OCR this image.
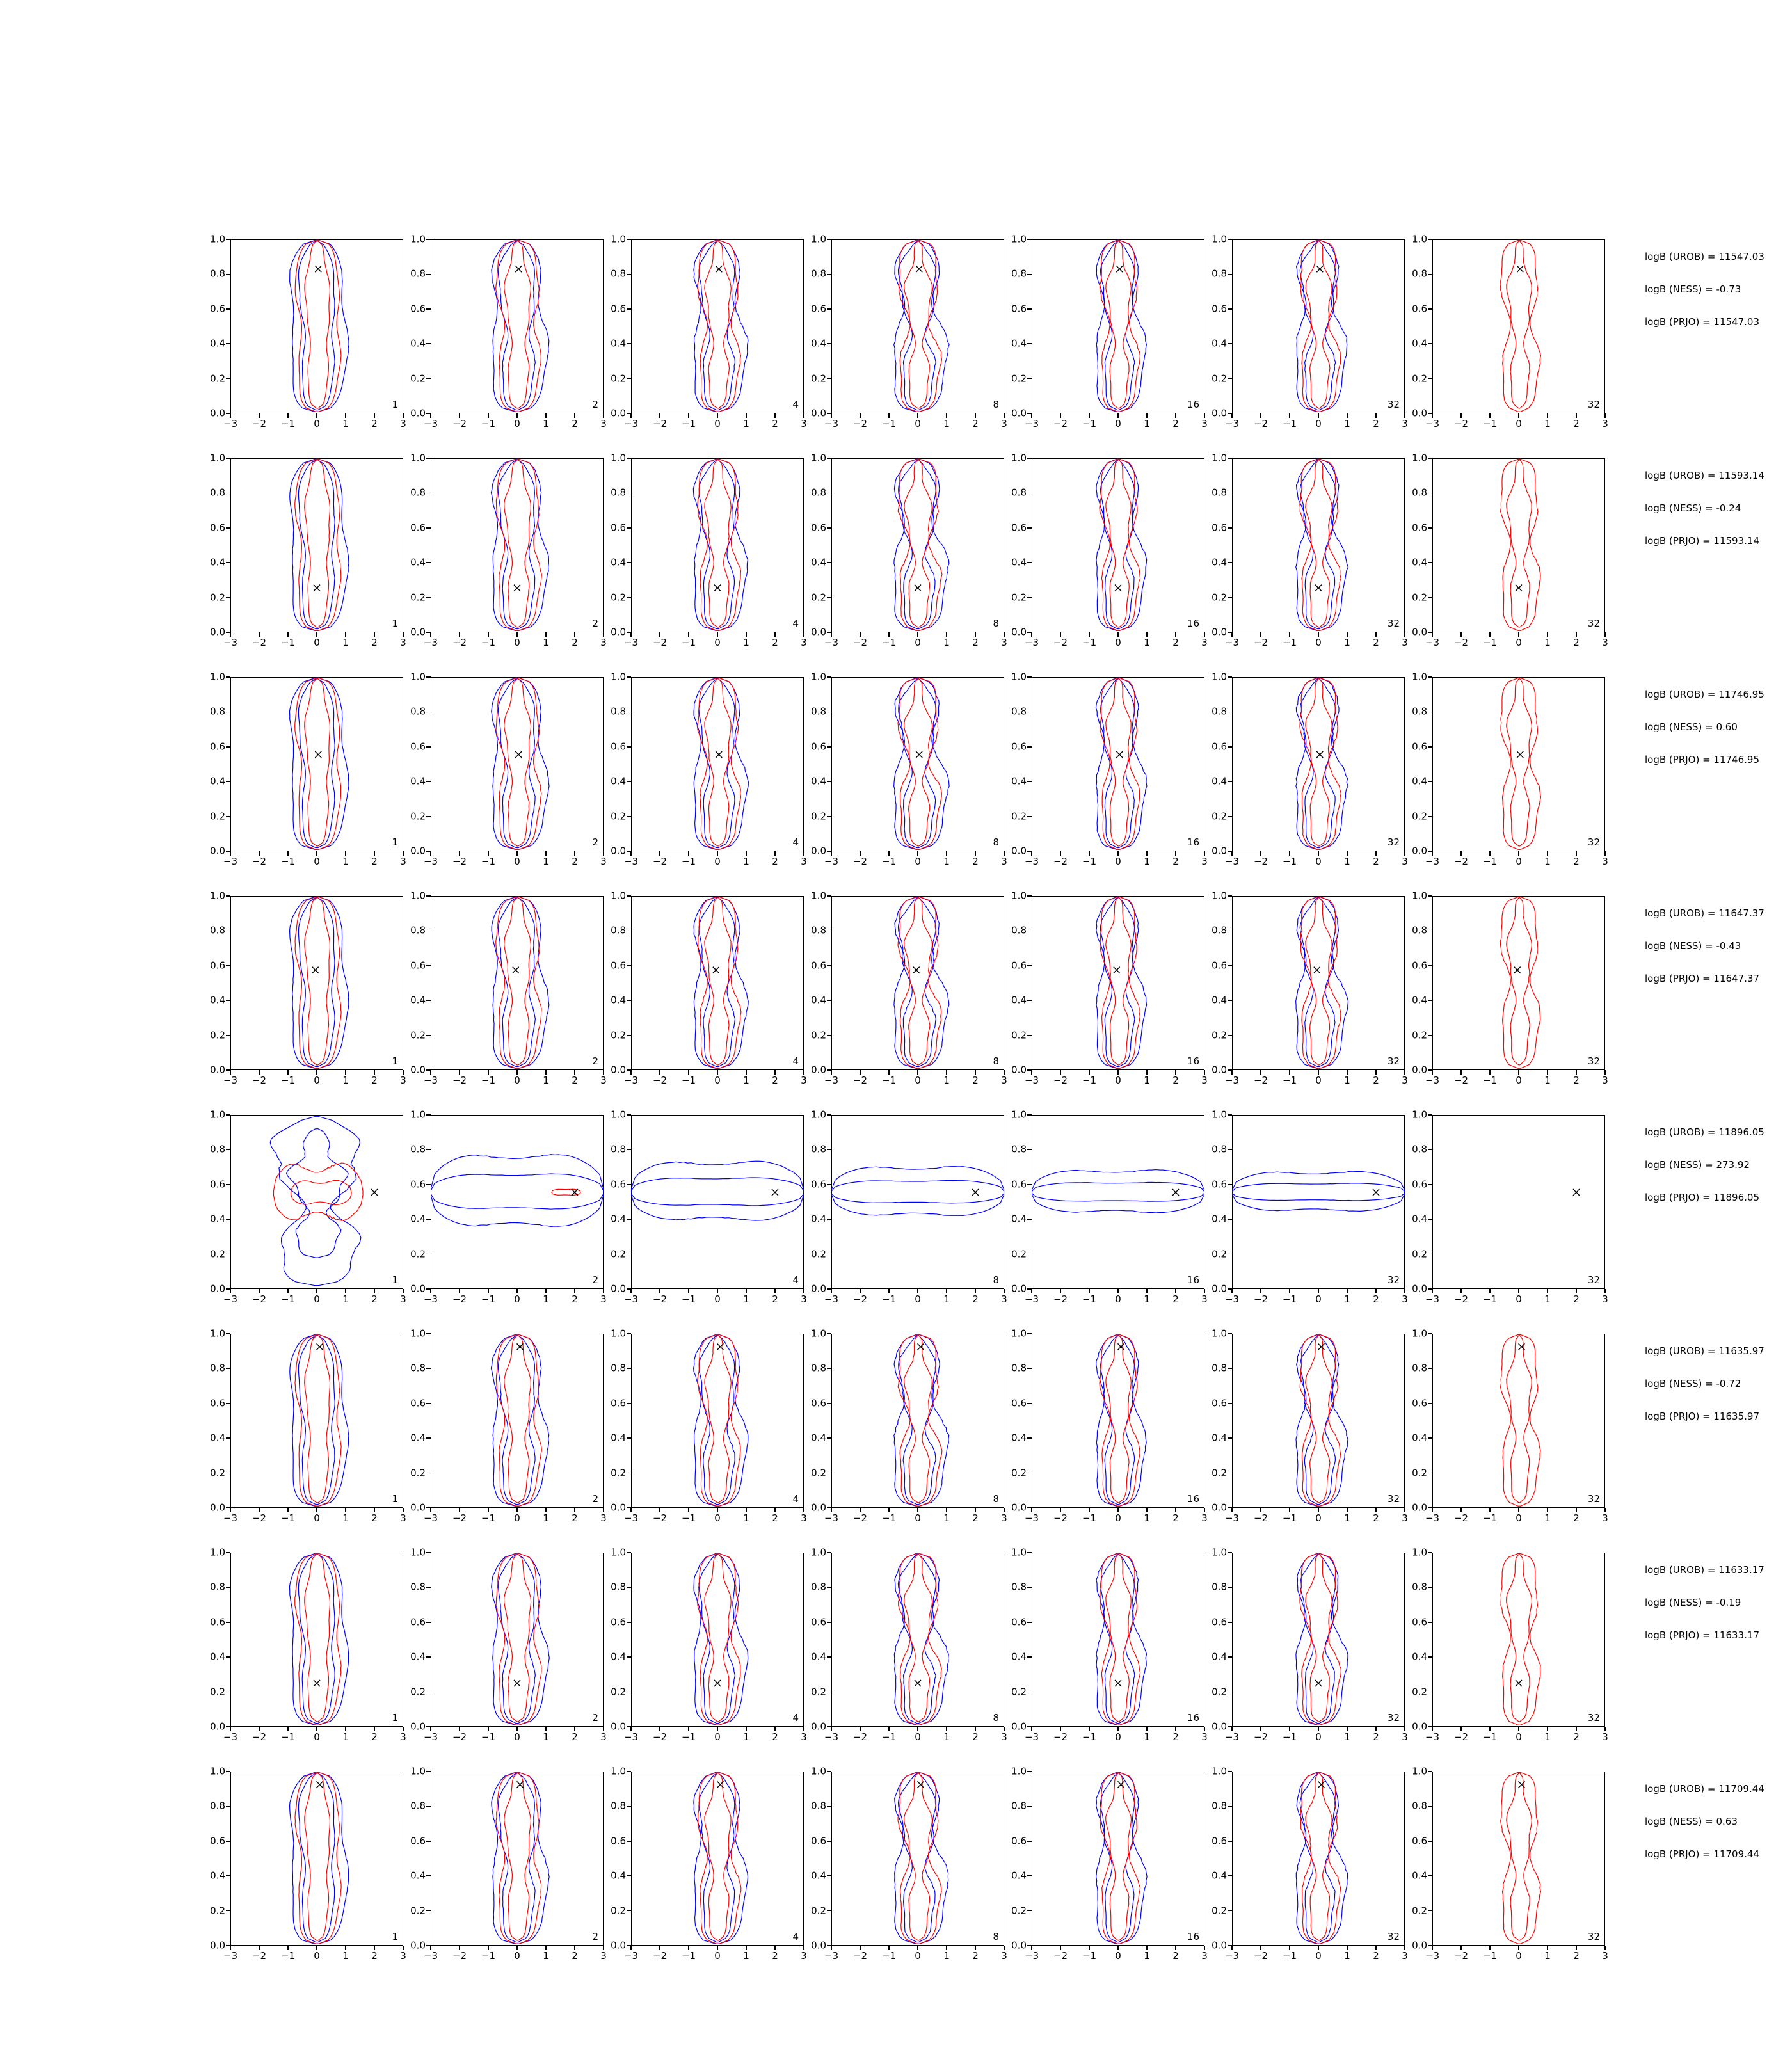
0.0
0.2
0.4
0.6
0.8
1.0
−3 −2 −1 0 1 2 3
1
0.0
0.2
0.4
0.6
0.8
1.0
−3 −2 −1 0 1 2 3
2
0.0
0.2
0.4
0.6
0.8
1.0
−3 −2 −1 0 1 2 3
4
0.0
0.2
0.4
0.6
0.8
1.0
−3 −2 −1 0 1 2 3
8
0.0
0.2
0.4
0.6
0.8
1.0
−3 −2 −1 0 1 2 3
16
0.0
0.2
0.4
0.6
0.8
1.0
−3 −2 −1 0 1 2 3
32
0.0
0.2
0.4
0.6
0.8
1.0
−3 −2 −1 0 1 2 3
32
logB (UROB) = 11547.03
logB (NESS) = -0.73
logB (PRJO) = 11547.03
0.0
0.2
0.4
0.6
0.8
1.0
−3 −2 −1 0 1 2 3
1
0.0
0.2
0.4
0.6
0.8
1.0
−3 −2 −1 0 1 2 3
2
0.0
0.2
0.4
0.6
0.8
1.0
−3 −2 −1 0 1 2 3
4
0.0
0.2
0.4
0.6
0.8
1.0
−3 −2 −1 0 1 2 3
8
0.0
0.2
0.4
0.6
0.8
1.0
−3 −2 −1 0 1 2 3
16
0.0
0.2
0.4
0.6
0.8
1.0
−3 −2 −1 0 1 2 3
32
0.0
0.2
0.4
0.6
0.8
1.0
−3 −2 −1 0 1 2 3
32
logB (UROB) = 11593.14
logB (NESS) = -0.24
logB (PRJO) = 11593.14
0.0
0.2
0.4
0.6
0.8
1.0
−3 −2 −1 0 1 2 3
1
0.0
0.2
0.4
0.6
0.8
1.0
−3 −2 −1 0 1 2 3
2
0.0
0.2
0.4
0.6
0.8
1.0
−3 −2 −1 0 1 2 3
4
0.0
0.2
0.4
0.6
0.8
1.0
−3 −2 −1 0 1 2 3
8
0.0
0.2
0.4
0.6
0.8
1.0
−3 −2 −1 0 1 2 3
16
0.0
0.2
0.4
0.6
0.8
1.0
−3 −2 −1 0 1 2 3
32
0.0
0.2
0.4
0.6
0.8
1.0
−3 −2 −1 0 1 2 3
32
logB (UROB) = 11746.95
logB (NESS) = 0.60
logB (PRJO) = 11746.95
0.0
0.2
0.4
0.6
0.8
1.0
−3 −2 −1 0 1 2 3
1
0.0
0.2
0.4
0.6
0.8
1.0
−3 −2 −1 0 1 2 3
2
0.0
0.2
0.4
0.6
0.8
1.0
−3 −2 −1 0 1 2 3
4
0.0
0.2
0.4
0.6
0.8
1.0
−3 −2 −1 0 1 2 3
8
0.0
0.2
0.4
0.6
0.8
1.0
−3 −2 −1 0 1 2 3
16
0.0
0.2
0.4
0.6
0.8
1.0
−3 −2 −1 0 1 2 3
32
0.0
0.2
0.4
0.6
0.8
1.0
−3 −2 −1 0 1 2 3
32
logB (UROB) = 11647.37
logB (NESS) = -0.43
logB (PRJO) = 11647.37
0.0
0.2
0.4
0.6
0.8
1.0
−3 −2 −1 0 1 2 3
1
0.0
0.2
0.4
0.6
0.8
1.0
−3 −2 −1 0 1 2 3
2
0.0
0.2
0.4
0.6
0.8
1.0
−3 −2 −1 0 1 2 3
4
0.0
0.2
0.4
0.6
0.8
1.0
−3 −2 −1 0 1 2 3
8
0.0
0.2
0.4
0.6
0.8
1.0
−3 −2 −1 0 1 2 3
16
0.0
0.2
0.4
0.6
0.8
1.0
−3 −2 −1 0 1 2 3
32
0.0
0.2
0.4
0.6
0.8
1.0
−3 −2 −1 0 1 2 3
32
logB (UROB) = 11896.05
logB (NESS) = 273.92
logB (PRJO) = 11896.05
0.0
0.2
0.4
0.6
0.8
1.0
−3 −2 −1 0 1 2 3
1
0.0
0.2
0.4
0.6
0.8
1.0
−3 −2 −1 0 1 2 3
2
0.0
0.2
0.4
0.6
0.8
1.0
−3 −2 −1 0 1 2 3
4
0.0
0.2
0.4
0.6
0.8
1.0
−3 −2 −1 0 1 2 3
8
0.0
0.2
0.4
0.6
0.8
1.0
−3 −2 −1 0 1 2 3
16
0.0
0.2
0.4
0.6
0.8
1.0
−3 −2 −1 0 1 2 3
32
0.0
0.2
0.4
0.6
0.8
1.0
−3 −2 −1 0 1 2 3
32
logB (UROB) = 11635.97
logB (NESS) = -0.72
logB (PRJO) = 11635.97
0.0
0.2
0.4
0.6
0.8
1.0
−3 −2 −1 0 1 2 3
1
0.0
0.2
0.4
0.6
0.8
1.0
−3 −2 −1 0 1 2 3
2
0.0
0.2
0.4
0.6
0.8
1.0
−3 −2 −1 0 1 2 3
4
0.0
0.2
0.4
0.6
0.8
1.0
−3 −2 −1 0 1 2 3
8
0.0
0.2
0.4
0.6
0.8
1.0
−3 −2 −1 0 1 2 3
16
0.0
0.2
0.4
0.6
0.8
1.0
−3 −2 −1 0 1 2 3
32
0.0
0.2
0.4
0.6
0.8
1.0
−3 −2 −1 0 1 2 3
32
logB (UROB) = 11633.17
logB (NESS) = -0.19
logB (PRJO) = 11633.17
0.0
0.2
0.4
0.6
0.8
1.0
−3 −2 −1 0 1 2 3
1
0.0
0.2
0.4
0.6
0.8
1.0
−3 −2 −1 0 1 2 3
2
0.0
0.2
0.4
0.6
0.8
1.0
−3 −2 −1 0 1 2 3
4
0.0
0.2
0.4
0.6
0.8
1.0
−3 −2 −1 0 1 2 3
8
0.0
0.2
0.4
0.6
0.8
1.0
−3 −2 −1 0 1 2 3
16
0.0
0.2
0.4
0.6
0.8
1.0
−3 −2 −1 0 1 2 3
32
0.0
0.2
0.4
0.6
0.8
1.0
−3 −2 −1 0 1 2 3
32
logB (UROB) = 11709.44
logB (NESS) = 0.63
logB (PRJO) = 11709.44
